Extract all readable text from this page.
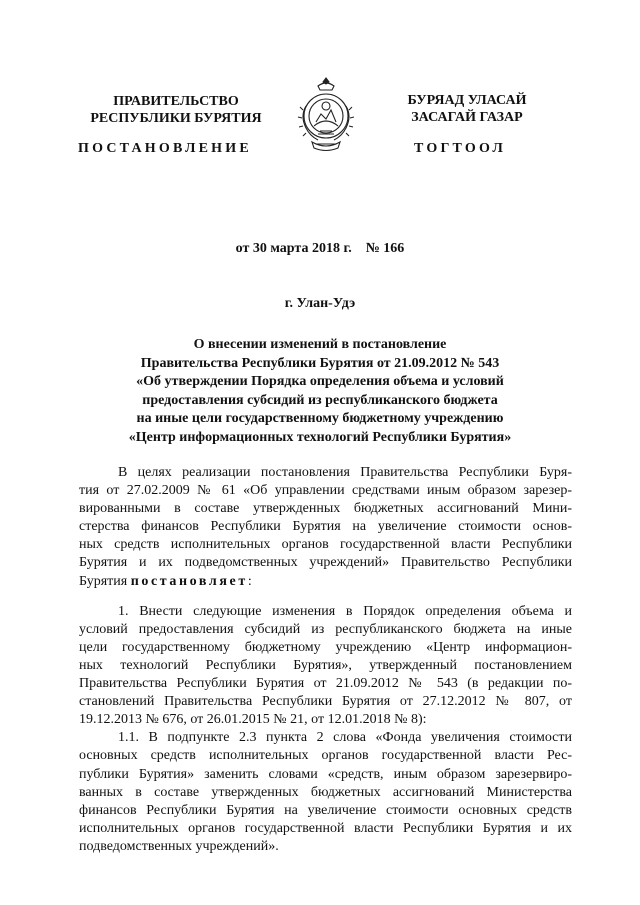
ПРАВИТЕЛЬСТВО
РЕСПУБЛИКИ БУРЯТИЯ
БУРЯАД УЛАСАЙ
ЗАСАГАЙ ГАЗАР
ПОСТАНОВЛЕНИЕ	ТОГТООЛ
от 30 марта 2018 г. № 166
г. Улан-Удэ
О внесении изменений в постановление
Правительства Республики Бурятия от 21.09.2012 № 543
«Об утверждении Порядка определения объема и условий
предоставления субсидий из республиканского бюджета
на иные цели государственному бюджетному учреждению
«Центр информационных технологий Республики Бурятия»
В целях реализации постановления Правительства Республики Буря-
тия от 27.02.2009 № 61 «Об управлении средствами иным образом зарезер-
вированными в составе утвержденных бюджетных ассигнований Мини-
стерства финансов Республики Бурятия на увеличение стоимости основ-
ных средств исполнительных органов государственной власти Республики
Бурятия и их подведомственных учреждений» Правительство Республики
Бурятия постановляет:
1. Внести следующие изменения в Порядок определения объема и
условий предоставления субсидий из республиканского бюджета на иные
цели государственному бюджетному учреждению «Центр информацион-
ных технологий Республики Бурятия», утвержденный постановлением
Правительства Республики Бурятия от 21.09.2012 № 543 (в редакции по-
становлений Правительства Республики Бурятия от 27.12.2012 № 807, от
19.12.2013 № 676, от 26.01.2015 № 21, от 12.01.2018 № 8):
1.1. В подпункте 2.3 пункта 2 слова «Фонда увеличения стоимости
основных средств исполнительных органов государственной власти Рес-
публики Бурятия» заменить словами «средств, иным образом зарезервиро-
ванных в составе утвержденных бюджетных ассигнований Министерства
финансов Республики Бурятия на увеличение стоимости основных средств
исполнительных органов государственной власти Республики Бурятия и их
подведомственных учреждений».
